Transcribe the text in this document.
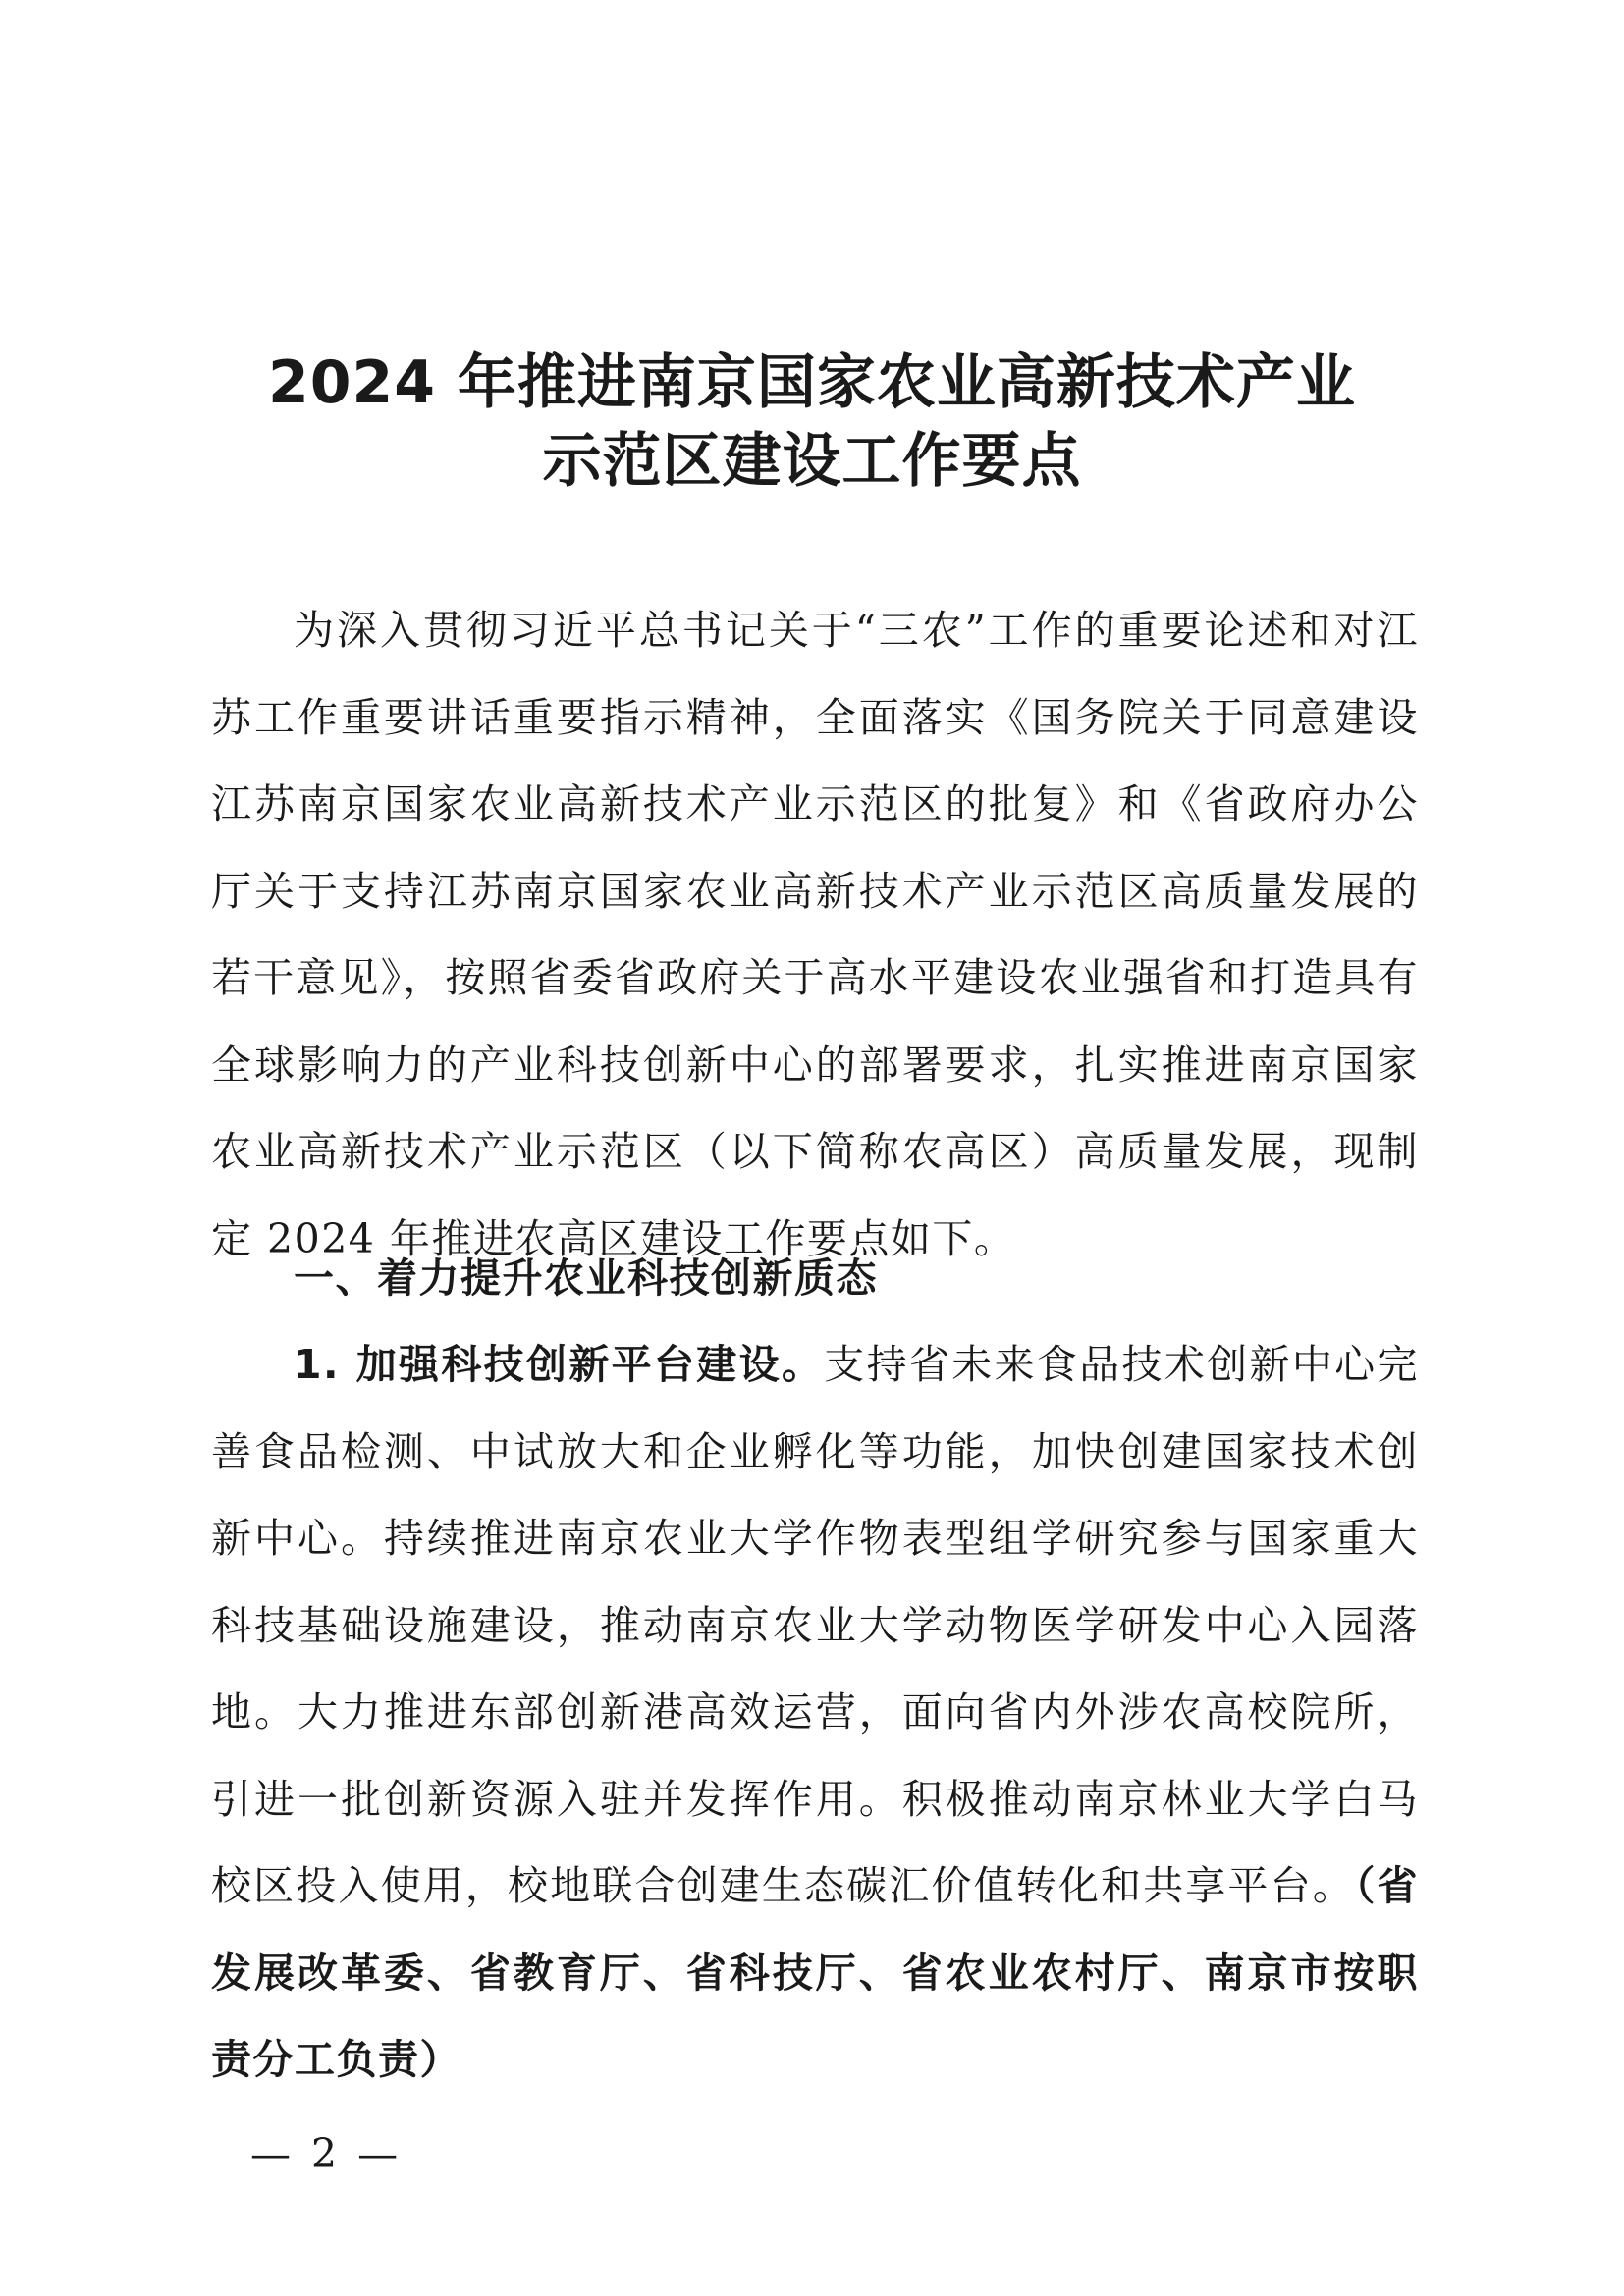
2024 年推进南京国家农业高新技术产业
示范区建设工作要点

为深入贯彻习近平总书记关于“三农”工作的重要论述和对江苏工作重要讲话重要指示精神，全面落实《国务院关于同意建设江苏南京国家农业高新技术产业示范区的批复》和《省政府办公厅关于支持江苏南京国家农业高新技术产业示范区高质量发展的若干意见》，按照省委省政府关于高水平建设农业强省和打造具有全球影响力的产业科技创新中心的部署要求，扎实推进南京国家农业高新技术产业示范区（以下简称农高区）高质量发展，现制定 2024 年推进农高区建设工作要点如下。

一、着力提升农业科技创新质态

1. 加强科技创新平台建设。支持省未来食品技术创新中心完善食品检测、中试放大和企业孵化等功能，加快创建国家技术创新中心。持续推进南京农业大学作物表型组学研究参与国家重大科技基础设施建设，推动南京农业大学动物医学研发中心入园落地。大力推进东部创新港高效运营，面向省内外涉农高校院所，引进一批创新资源入驻并发挥作用。积极推动南京林业大学白马校区投入使用，校地联合创建生态碳汇价值转化和共享平台。（省发展改革委、省教育厅、省科技厅、省农业农村厅、南京市按职责分工负责）

— 2 —
